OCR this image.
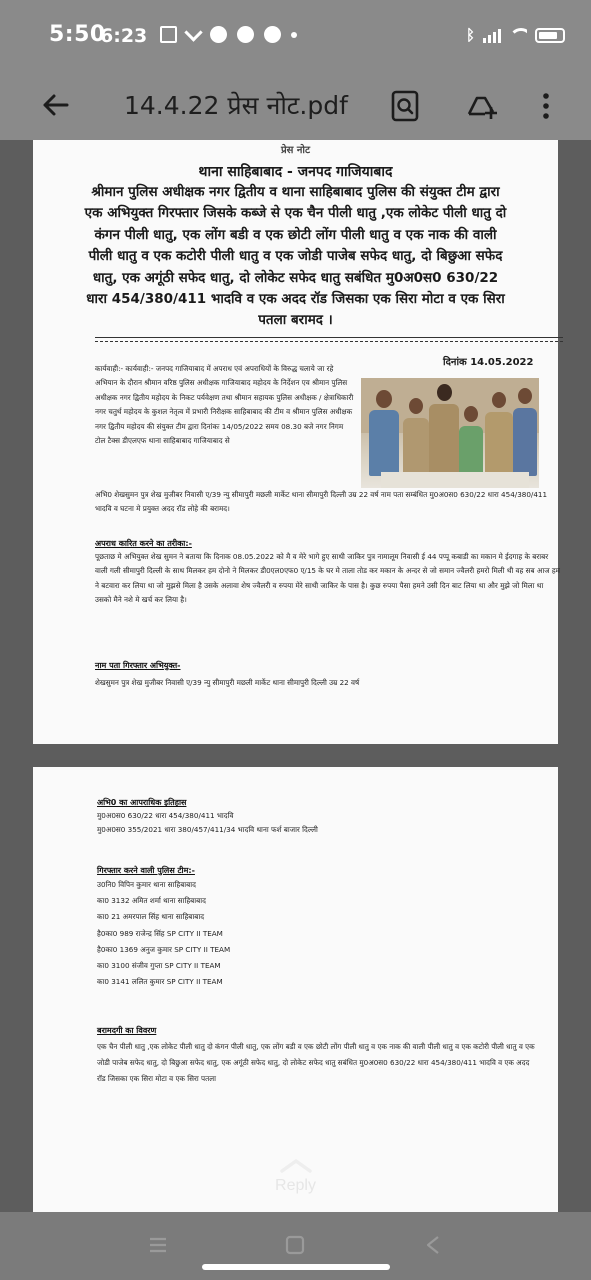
5:50
6:23	ᛒ
14.4.22 प्रेस नोट.pdf
प्रेस नोट
थाना साहिबाबाद - जनपद गाजियाबाद
श्रीमान पुलिस अधीक्षक नगर द्वितीय व थाना साहिबाबाद पुलिस की संयुक्त टीम द्वारा एक अभियुक्त गिरफ्तार जिसके कब्जे से एक चैन पीली धातु ,एक लोकेट पीली धातु दो कंगन पीली धातु, एक लोंग बडी व एक छोटी लोंग पीली धातु व एक नाक की वाली पीली धातु व एक कटोरी पीली धातु व एक जोडी पाजेब सफेद धातु, दो बिछुआ सफेद धातु, एक अगूंठी सफेद धातु, दो लोकेट सफेद धातु सबंधित मु0अ0स0 630/22 धारा 454/380/411 भादवि व एक अदद रॉड जिसका एक सिरा मोटा व एक सिरा पतला बरामद ।
दिनांक 14.05.2022
कार्यवाही:- कार्यवाही:- जनपद गाजियाबाद में अपराध एवं अपराधियों के विरुद्ध चलाये जा रहे अभियान के दौरान श्रीमान वरिष्ठ पुलिस अधीक्षक गाजियाबाद महोदय के निर्देशन एव श्रीमान पुलिस अधीक्षक नगर द्वितीय महोदय के निकट पर्यवेक्षण तथा श्रीमान सहायक पुलिस अधीक्षक / क्षेत्राधिकारी नगर चतुर्थ महोदय के कुशल नेतृत्व में प्रभारी निरीक्षक साहिबाबाद की टीम व श्रीमान पुलिस अधीक्षक नगर द्वितीय महोदय की संयुक्त टीम द्वारा दिनांकः 14/05/2022 समय 08.30 बजे नगर निगम टोल टैक्स डीएलएफ थाना साहिबाबाद गाजियाबाद से
अभि0 शेखसुमन पुत्र शेख मुजीबर निवासी ए/39 न्यु सीमापुरी मछली मार्केट थाना सीमापुरी दिल्ली उम्र 22 वर्ष नाम पता सम्बंधित मु0अ0स0 630/22 धारा 454/380/411 भादवि व घटना मे प्रयुक्त अदद रॉड लोहे की बरामद।
अपराध कारित करने का तरीका:-
पूछताछ मे अभियुक्त शेख सुमन ने बताया कि दिनाक 08.05.2022 को मै व मेरे भागे हुए साथी जाकिर पुत्र नामालूम निवासी ई 44 पप्पू कबाडी का मकान मे ईदगाह के बराबर वाली गली सीमापुरी दिल्ली के साथ मिलकर हम दोनो ने मिलकर डी0एल0एफ0 ए/15 के घर मे ताला तोड कर मकान के अन्दर से जो समान ज्वैलरी हमरो मिली थी वह सब आज हम ने बटवारा कर लिया था जो मुझसे मिला है उसके अलावा शेष ज्वैलरी व रुपया मेरे साथी जाकिर के पास है। कुछ रुपया पैसा हमने उसी दिन बाट लिया था और मुझे जो मिला था उसको मैने नशे मे खर्च कर लिया है।
नाम पता गिरफ्तार अभियुक्त-
शेखसुमन पुत्र शेख मुजीबर निवासी ए/39 न्यु सीमापुरी मछली मार्केट थाना सीमापुरी दिल्ली उम्र 22 वर्ष
अभि0 का आपराधिक इतिहास
मु0अ0स0 630/22 धारा 454/380/411 भादवि
मु0अ0स0 355/2021 धारा 380/457/411/34 भादवि थाना फर्श बाजार दिल्ली
गिरफ्तार करने वाली पुलिस टीम:-
उ0नि0 विपिन कुमार थाना साहिबाबाद
का0 3132 अमित शर्मा थाना साहिबाबाद
का0 21 अमरपाल सिंह थाना साहिबाबाद
है0का0 989 राजेन्द्र सिंह SP CITY II TEAM
है0का0 1369 अनुज कुमार SP CITY II TEAM
का0 3100 संजीव गुप्ता SP CITY II TEAM
का0 3141 ललित कुमार SP CITY II TEAM
बरामदगी का विवरण
एक चैन पीली धातु ,एक लोकेट पीली धातु दो कंगन पीली धातु, एक लोंग बडी व एक छोटी लोंग पीली धातु व एक नाक की वाली पीली धातु व एक कटोरी पीली धातु व एक जोडी पाजेब सफेद धातु, दो बिछुआ सफेद धातु, एक अगूंठी सफेद धातु, दो लोकेट सफेद धातु सबंधित मु0अ0स0 630/22 धारा 454/380/411 भादवि व एक अदद रॉड जिसका एक सिरा मोटा व एक सिरा पतला
Reply
